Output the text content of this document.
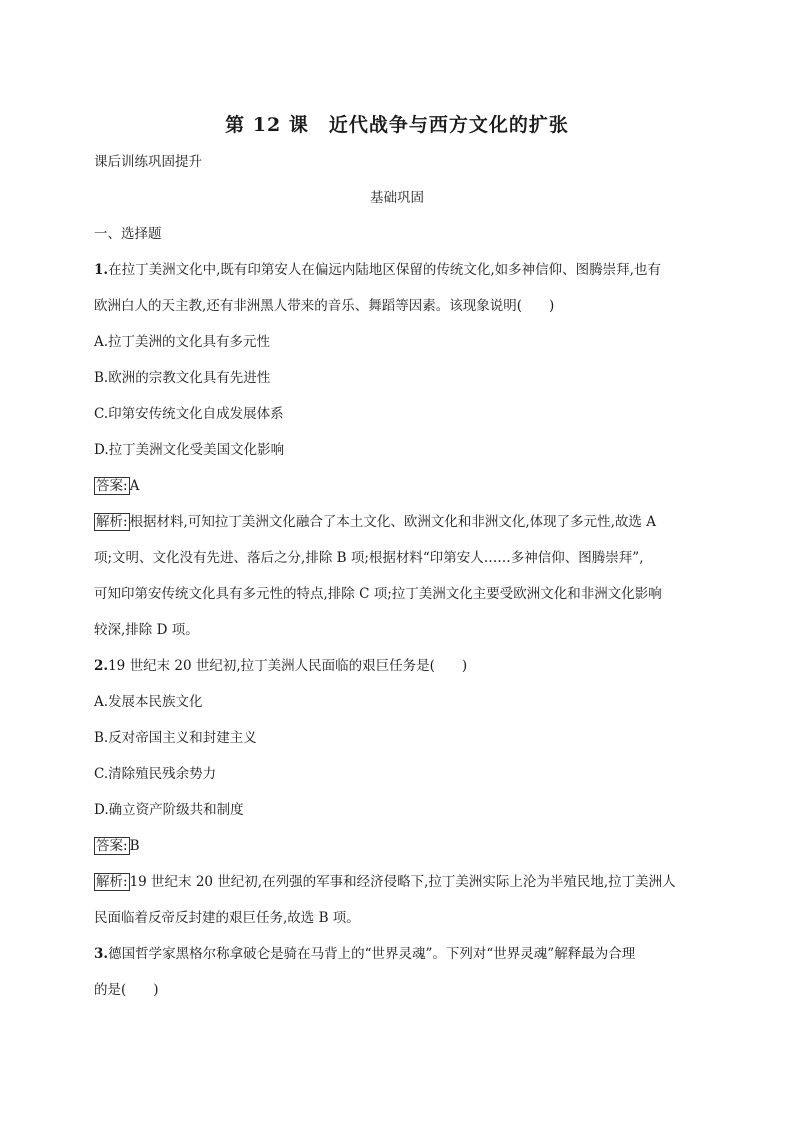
第 12 课　近代战争与西方文化的扩张
课后训练巩固提升
基础巩固
一、选择题
1.在拉丁美洲文化中,既有印第安人在偏远内陆地区保留的传统文化,如多神信仰、图腾崇拜,也有
欧洲白人的天主教,还有非洲黑人带来的音乐、舞蹈等因素。该现象说明(　　)
A.拉丁美洲的文化具有多元性
B.欧洲的宗教文化具有先进性
C.印第安传统文化自成发展体系
D.拉丁美洲文化受美国文化影响
答案: A
解析: 根据材料,可知拉丁美洲文化融合了本土文化、欧洲文化和非洲文化,体现了多元性,故选 A
项;文明、文化没有先进、落后之分,排除 B 项;根据材料“印第安人……多神信仰、图腾崇拜”,
可知印第安传统文化具有多元性的特点,排除 C 项;拉丁美洲文化主要受欧洲文化和非洲文化影响
较深,排除 D 项。
2.19 世纪末 20 世纪初,拉丁美洲人民面临的艰巨任务是(　　)
A.发展本民族文化
B.反对帝国主义和封建主义
C.清除殖民残余势力
D.确立资产阶级共和制度
答案: B
解析: 19 世纪末 20 世纪初,在列强的军事和经济侵略下,拉丁美洲实际上沦为半殖民地,拉丁美洲人
民面临着反帝反封建的艰巨任务,故选 B 项。
3.德国哲学家黑格尔称拿破仑是骑在马背上的“世界灵魂”。下列对“世界灵魂”解释最为合理
的是(　　)
